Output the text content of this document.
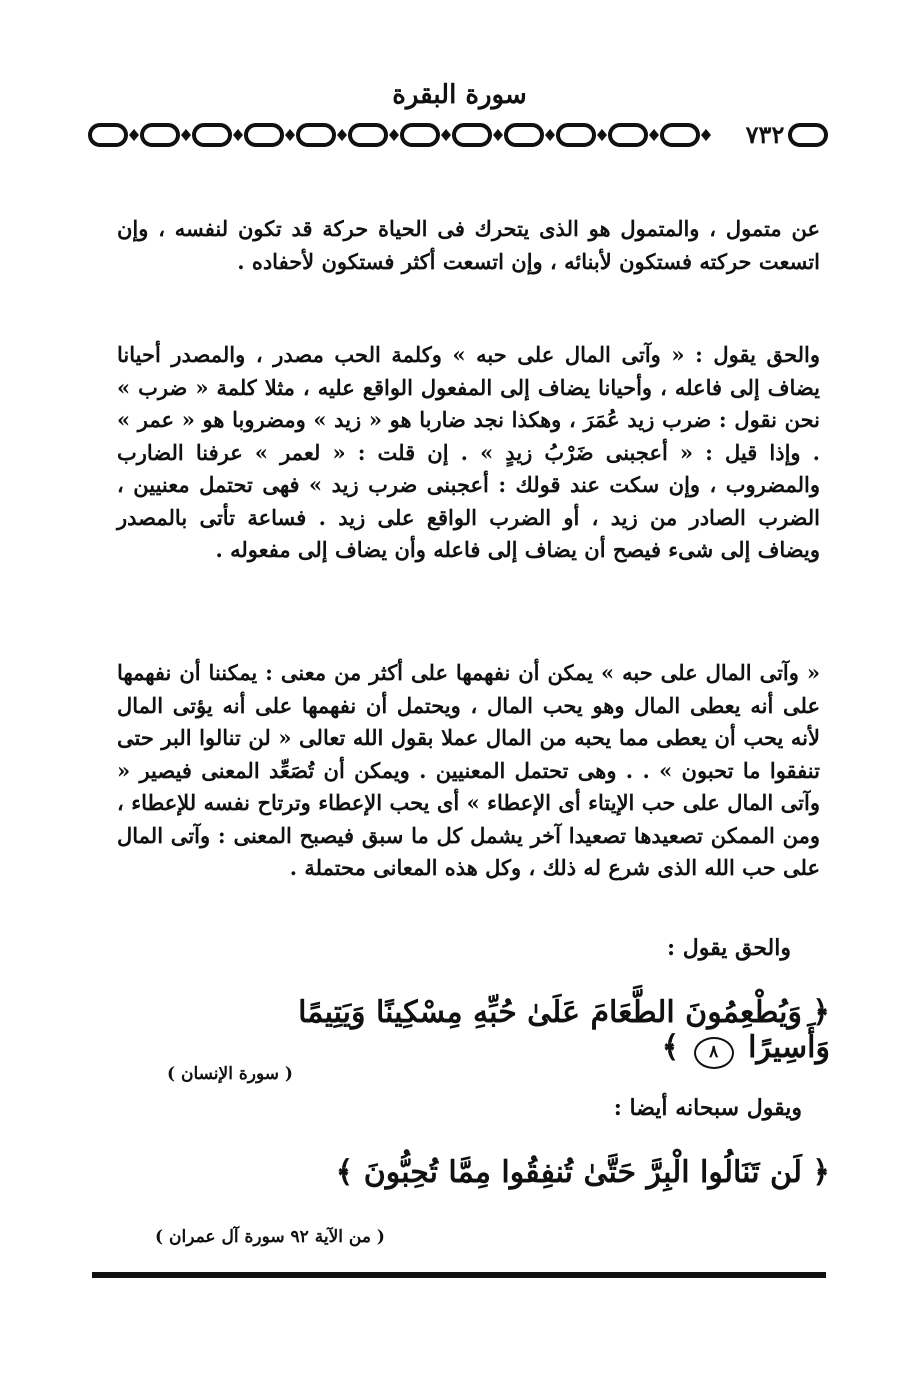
سورة البقرة
٧٣٢

عن متمول ، والمتمول هو الذى يتحرك فى الحياة حركة قد تكون لنفسه ، وإن اتسعت حركته فستكون لأبنائه ، وإن اتسعت أكثر فستكون لأحفاده .

والحق يقول : « وآتى المال على حبه » وكلمة الحب مصدر ، والمصدر أحيانا يضاف إلى فاعله ، وأحيانا يضاف إلى المفعول الواقع عليه ، مثلا كلمة « ضرب » نحن نقول : ضرب زيد عُمَرَ ، وهكذا نجد ضاربا هو « زيد » ومضروبا هو « عمر » . وإذا قيل : « أعجبنى ضَرْبُ زيدٍ » . إن قلت : « لعمر » عرفنا الضارب والمضروب ، وإن سكت عند قولك : أعجبنى ضرب زيد » فهى تحتمل معنيين ، الضرب الصادر من زيد ، أو الضرب الواقع على زيد . فساعة تأتى بالمصدر ويضاف إلى شىء فيصح أن يضاف إلى فاعله وأن يضاف إلى مفعوله .

« وآتى المال على حبه » يمكن أن نفهمها على أكثر من معنى : يمكننا أن نفهمها على أنه يعطى المال وهو يحب المال ، ويحتمل أن نفهمها على أنه يؤتى المال لأنه يحب أن يعطى مما يحبه من المال عملا بقول الله تعالى « لن تنالوا البر حتى تنفقوا ما تحبون » . . وهى تحتمل المعنيين . ويمكن أن تُصَعِّد المعنى فيصير « وآتى المال على حب الإيتاء أى الإعطاء » أى يحب الإعطاء وترتاح نفسه للإعطاء ، ومن الممكن تصعيدها تصعيدا آخر يشمل كل ما سبق فيصبح المعنى : وآتى المال على حب الله الذى شرع له ذلك ، وكل هذه المعانى محتملة .

والحق يقول :
﴿ وَيُطْعِمُونَ الطَّعَامَ عَلَىٰ حُبِّهِ مِسْكِينًا وَيَتِيمًا وَأَسِيرًا ٨ ﴾
( سورة الإنسان )
ويقول سبحانه أيضا :
﴿ لَن تَنَالُوا الْبِرَّ حَتَّىٰ تُنفِقُوا مِمَّا تُحِبُّونَ ﴾
( من الآية ٩٢ سورة آل عمران )
